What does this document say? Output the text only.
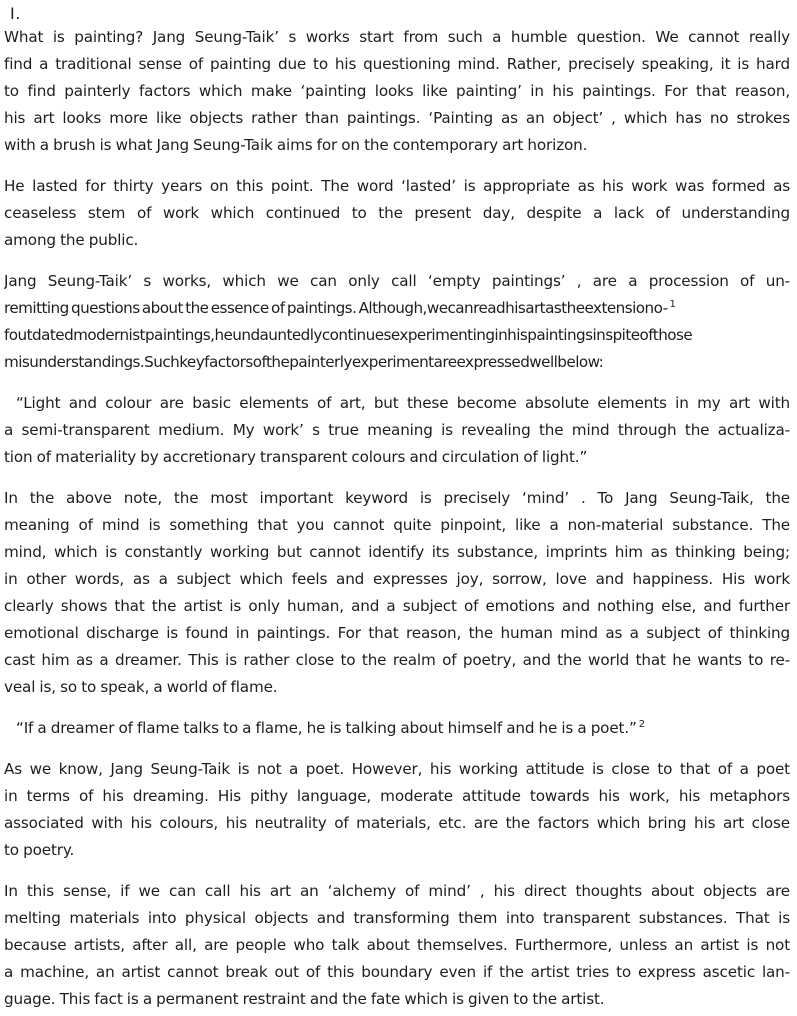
I.
What is painting? Jang Seung-Taik’ s works start from such a humble question. We cannot really
find a traditional sense of painting due to his questioning mind. Rather, precisely speaking, it is hard
to find painterly factors which make ‘painting looks like painting’ in his paintings. For that reason,
his art looks more like objects rather than paintings. ‘Painting as an object’ , which has no strokes
with a brush is what Jang Seung-Taik aims for on the contemporary art horizon.
He lasted for thirty years on this point. The word ‘lasted’ is appropriate as his work was formed as
ceaseless stem of work which continued to the present day, despite a lack of understanding
among the public.
Jang Seung-Taik’ s works, which we can only call ‘empty paintings’ , are a procession of un-
remitting questions about the essence of paintings. Although,wecanreadhisartastheextensiono- $^1$
foutdatedmodernistpaintings,heundauntedlycontinuesexperimentinginhispaintingsinspiteofthose
misunderstandings.Suchkeyfactorsofthepainterlyexperimentareexpressedwellbelow:
“Light and colour are basic elements of art, but these become absolute elements in my art with
a semi-transparent medium. My work’ s true meaning is revealing the mind through the actualiza-
tion of materiality by accretionary transparent colours and circulation of light.”
In the above note, the most important keyword is precisely ‘mind’ . To Jang Seung-Taik, the
meaning of mind is something that you cannot quite pinpoint, like a non-material substance. The
mind, which is constantly working but cannot identify its substance, imprints him as thinking being;
in other words, as a subject which feels and expresses joy, sorrow, love and happiness. His work
clearly shows that the artist is only human, and a subject of emotions and nothing else, and further
emotional discharge is found in paintings. For that reason, the human mind as a subject of thinking
cast him as a dreamer. This is rather close to the realm of poetry, and the world that he wants to re-
veal is, so to speak, a world of flame.
“If a dreamer of flame talks to a flame, he is talking about himself and he is a poet.” $^2$
As we know, Jang Seung-Taik is not a poet. However, his working attitude is close to that of a poet
in terms of his dreaming. His pithy language, moderate attitude towards his work, his metaphors
associated with his colours, his neutrality of materials, etc. are the factors which bring his art close
to poetry.
In this sense, if we can call his art an ‘alchemy of mind’ , his direct thoughts about objects are
melting materials into physical objects and transforming them into transparent substances. That is
because artists, after all, are people who talk about themselves. Furthermore, unless an artist is not
a machine, an artist cannot break out of this boundary even if the artist tries to express ascetic lan-
guage. This fact is a permanent restraint and the fate which is given to the artist.
